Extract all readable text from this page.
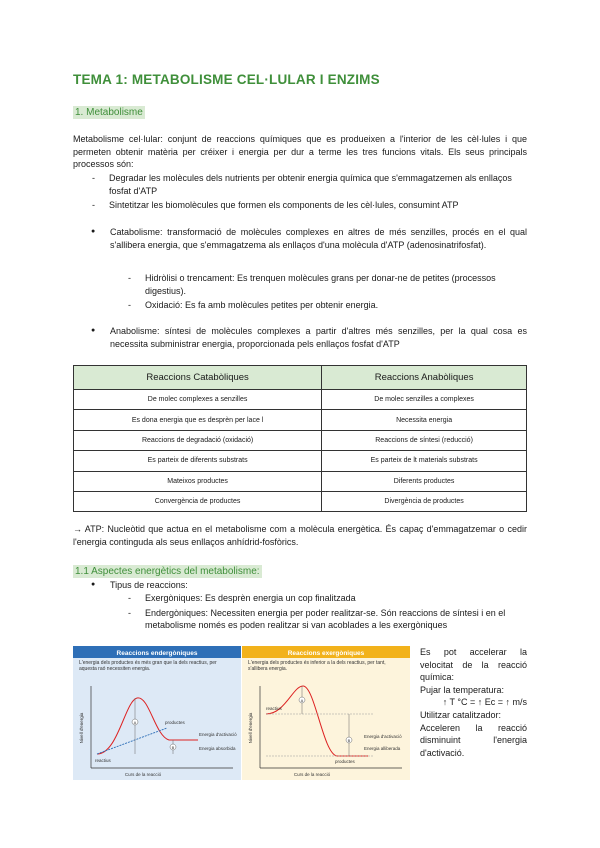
TEMA 1: METABOLISME CEL·LULAR I ENZIMS
1. Metabolisme
Metabolisme cel·lular: conjunt de reaccions químiques que es produeixen a l'interior de les cèl·lules i que permeten obtenir matèria per créixer i energia per dur a terme les tres funcions vitals. Els seus principals processos són:
- Degradar les molècules dels nutrients per obtenir energia química que s'emmagatzemen als enllaços fosfat d'ATP
- Sintetitzar les biomolècules que formen els components de les cèl·lules, consumint ATP
● Catabolisme: transformació de molècules complexes en altres de més senzilles, procés en el qual s'allibera energia, que s'emmagatzema als enllaços d'una molècula d'ATP (adenosinatrifosfat).
- Hidròlisi o trencament: Es trenquen molècules grans per donar-ne de petites (processos digestius).
- Oxidació: Es fa amb molècules petites per obtenir energia.
● Anabolisme: síntesi de molècules complexes a partir d'altres més senzilles, per la qual cosa es necessita subministrar energia, proporcionada pels enllaços fosfat d'ATP
Reaccions Catabòliques	Reaccions Anabòliques
De molec complexes a senzilles	De molec senzilles a complexes
Es dona energia que es desprèn per lace l	Necessita energia
Reaccions de degradació (oxidació)	Reaccions de síntesi (reducció)
Es parteix de diferents substrats	Es parteix de lt materials substrats
Mateixos productes	Diferents productes
Convergència de productes	Divergència de productes
→ ATP: Nucleòtid que actua en el metabolisme com a molècula energètica. És capaç d'emmagatzemar o cedir l'energia continguda als seus enllaços anhídrid-fosfòrics.
1.1 Aspectes energètics del metabolisme:
● Tipus de reaccions:
- Exergòniques: Es desprèn energia un cop finalitzada
- Endergòniques: Necessiten energia per poder realitzar-se. Són reaccions de síntesi i en el metabolisme només es poden realitzar si van acoblades a les exergòniques
Reaccions endergòniques
L'energia dels productes és més gran que la dels reactius, per aquesta raó necessiten energia.
Nivell d'energia
Curs de la reacció
A
B
productes
reactius
Energia d'activació
Energia absorbida
Reaccions exergòniques
L'energia dels productes és inferior a la dels reactius, per tant, s'allibera energia.
Nivell d'energia
Curs de la reacció
A
B
reactius
productes
Energia d'activació
Energia alliberada
Es pot accelerar la velocitat de la reacció química:
Pujar la temperatura:
↑ T °C = ↑ Ec = ↑ m/s
Utilitzar catalitzador:
Acceleren la reacció disminuint l'energia d'activació.
